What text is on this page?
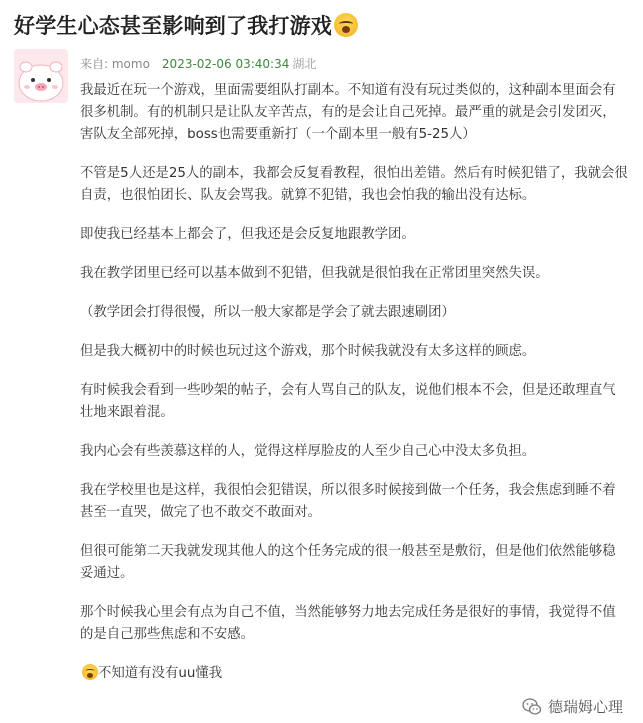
好学生心态甚至影响到了我打游戏
来自: momo 2023-02-06 03:40:34 湖北

我最近在玩一个游戏，里面需要组队打副本。不知道有没有玩过类似的，这种副本里面会有很多机制。有的机制只是让队友辛苦点，有的是会让自己死掉。最严重的就是会引发团灭，害队友全部死掉，boss也需要重新打（一个副本里一般有5-25人）

不管是5人还是25人的副本，我都会反复看教程，很怕出差错。然后有时候犯错了，我就会很自责，也很怕团长、队友会骂我。就算不犯错，我也会怕我的输出没有达标。

即使我已经基本上都会了，但我还是会反复地跟教学团。

我在教学团里已经可以基本做到不犯错，但我就是很怕我在正常团里突然失误。

（教学团会打得很慢，所以一般大家都是学会了就去跟速刷团）

但是我大概初中的时候也玩过这个游戏，那个时候我就没有太多这样的顾虑。

有时候我会看到一些吵架的帖子，会有人骂自己的队友，说他们根本不会，但是还敢理直气壮地来跟着混。

我内心会有些羡慕这样的人，觉得这样厚脸皮的人至少自己心中没太多负担。

我在学校里也是这样，我很怕会犯错误，所以很多时候接到做一个任务，我会焦虑到睡不着甚至一直哭，做完了也不敢交不敢面对。

但很可能第二天我就发现其他人的这个任务完成的很一般甚至是敷衍，但是他们依然能够稳妥通过。

那个时候我心里会有点为自己不值，当然能够努力地去完成任务是很好的事情，我觉得不值的是自己那些焦虑和不安感。

不知道有没有uu懂我

德瑞姆心理
